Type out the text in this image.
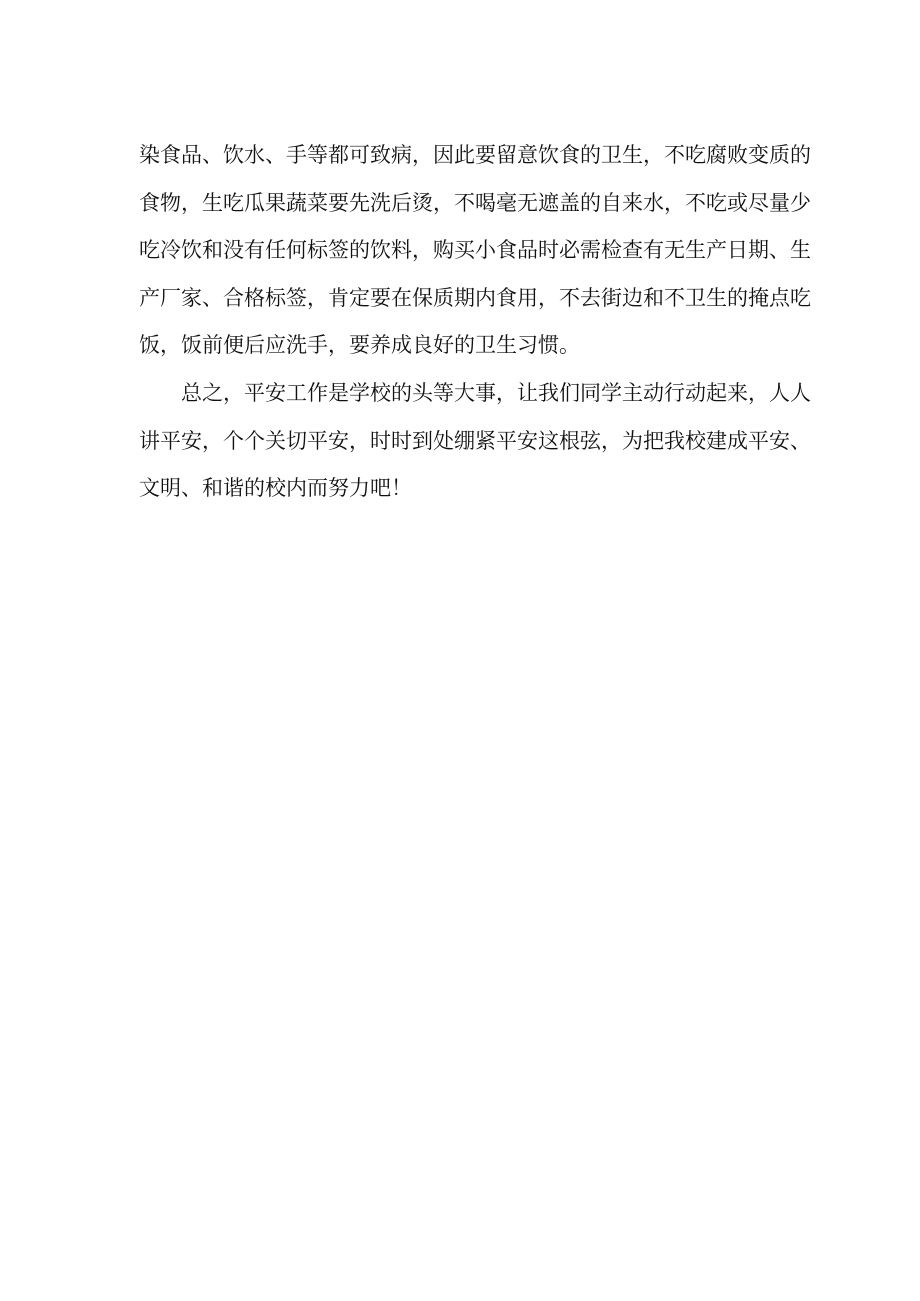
染 食 品 、 饮 水 、 手 等 都 可 致 病 ， 因 此 要 留 意 饮 食 的 卫 生 ， 不 吃 腐 败 变 质 的
食 物 ， 生 吃 瓜 果 蔬 菜 要 先 洗 后 烫 ， 不 喝 毫 无 遮 盖 的 自 来 水 ， 不 吃 或 尽 量 少
吃 冷 饮 和 没 有 任 何 标 签 的 饮 料 ， 购 买 小 食 品 时 必 需 检 查 有 无 生 产 日 期 、 生
产 厂 家 、 合 格 标 签 ， 肯 定 要 在 保 质 期 内 食 用 ， 不 去 街 边 和 不 卫 生 的 掩 点 吃
饭 ， 饭 前 便 后 应 洗 手 ， 要 养 成 良 好 的 卫 生 习 惯 。
总 之 ， 平 安 工 作 是 学 校 的 头 等 大 事 ， 让 我 们 同 学 主 动 行 动 起 来 ， 人 人
讲 平 安 ， 个 个 关 切 平 安 ， 时 时 到 处 绷 紧 平 安 这 根 弦 ， 为 把 我 校 建 成 平 安 、
文 明 、 和 谐 的 校 内 而 努 力 吧 ！
